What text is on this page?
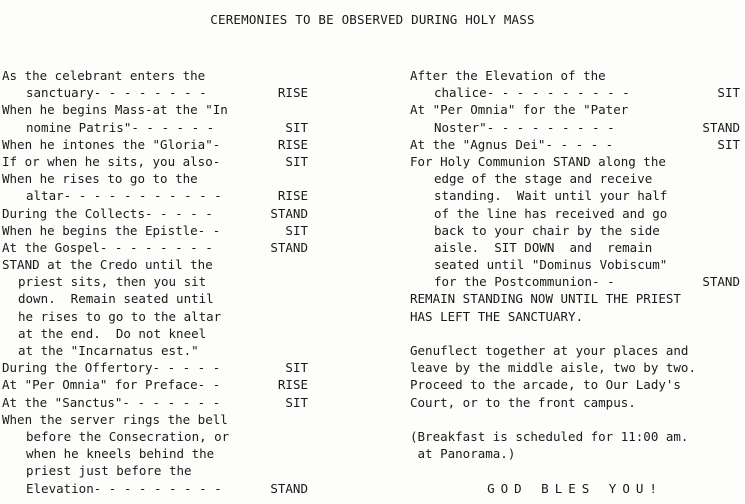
CEREMONIES TO BE OBSERVED DURING HOLY MASS
As the celebrant enters the
sanctuary - - - - - - - -	RISE
When he begins Mass-at the "In
nomine Patris" - - - - - -	SIT
When he intones the "Gloria" -	RISE
If or when he sits, you also -	SIT
When he rises to go to the
altar - - - - - - - - - - -	RISE
During the Collects - - - - -	STAND
When he begins the Epistle - -	SIT
At the Gospel - - - - - - - -	STAND
STAND at the Credo until the
priest sits, then you sit
down.  Remain seated until
he rises to go to the altar
at the end.  Do not kneel
at the "Incarnatus est."
During the Offertory - - - - -	SIT
At "Per Omnia" for Preface - -	RISE
At the "Sanctus" - - - - - - -	SIT
When the server rings the bell
before the Consecration, or
when he kneels behind the
priest just before the
Elevation - - - - - - - - -	STAND
After the Elevation of the
chalice - - - - - - - - - -	SIT
At "Per Omnia" for the "Pater
Noster" - - - - - - - - -	STAND
At the "Agnus Dei" - - - - -	SIT
For Holy Communion STAND along the
edge of the stage and receive
standing.  Wait until your half
of the line has received and go
back to your chair by the side
aisle.  SIT DOWN  and  remain
seated until "Dominus Vobiscum"
for the Postcommunion - -	STAND
REMAIN STANDING NOW UNTIL THE PRIEST
HAS LEFT THE SANCTUARY.
Genuflect together at your places and
leave by the middle aisle, two by two.
Proceed to the arcade, to Our Lady's
Court, or to the front campus.
(Breakfast is scheduled for 11:00 am.
at Panorama.)
GOD BLES YOU!
